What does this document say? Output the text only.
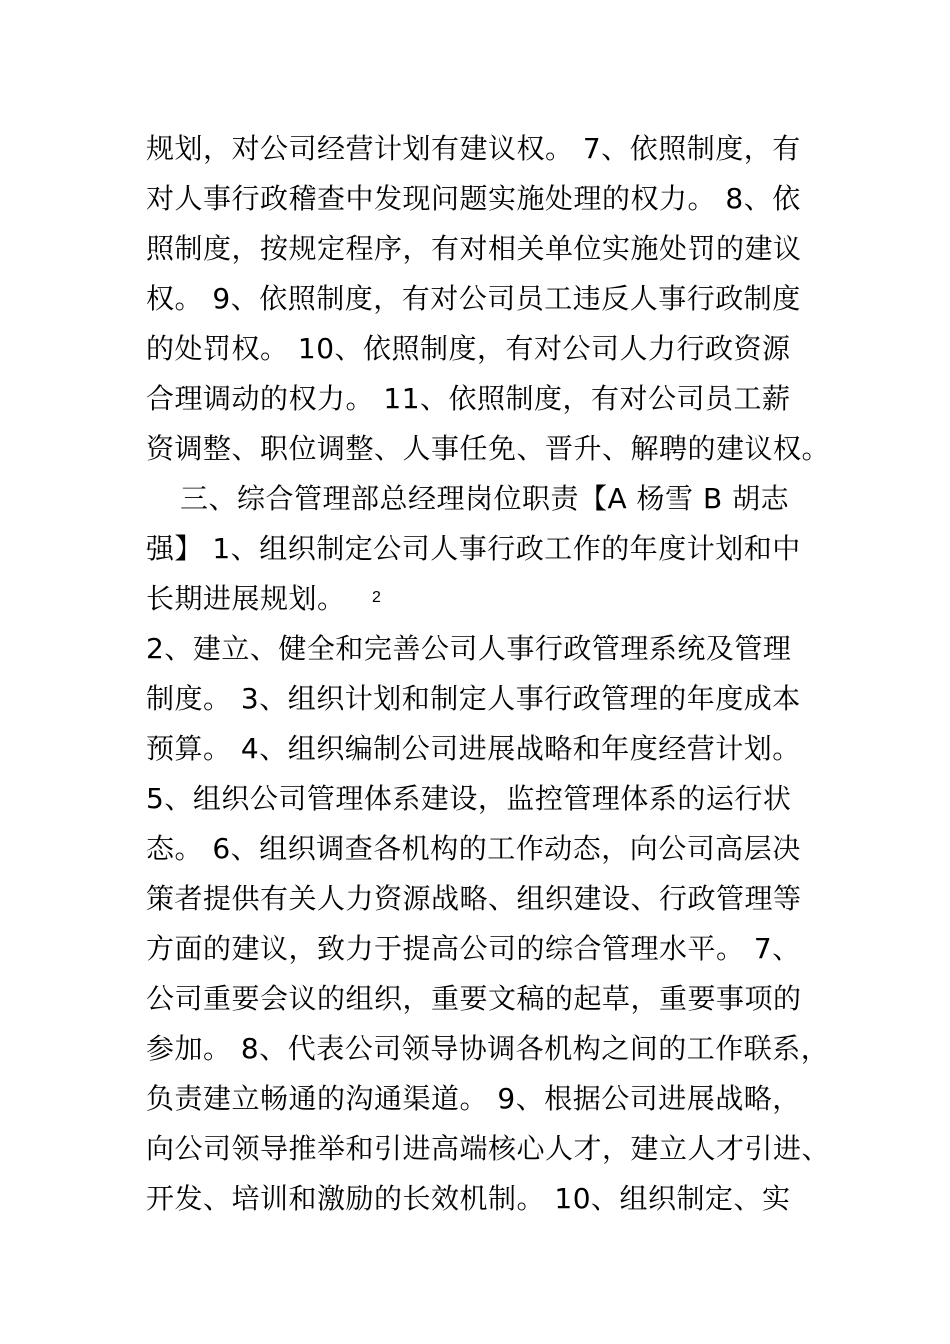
规划，对公司经营计划有建议权。 7、依照制度，有
对人事行政稽查中发现问题实施处理的权力。 8、依
照制度，按规定程序，有对相关单位实施处罚的建议
权。 9、依照制度，有对公司员工违反人事行政制度
的处罚权。 10、依照制度，有对公司人力行政资源
合理调动的权力。 11、依照制度，有对公司员工薪
资调整、职位调整、人事任免、晋升、解聘的建议权。
三、综合管理部总经理岗位职责【A 杨雪 B 胡志
强】 1、组织制定公司人事行政工作的年度计划和中
长期进展规划。 2
2、建立、健全和完善公司人事行政管理系统及管理
制度。 3、组织计划和制定人事行政管理的年度成本
预算。 4、组织编制公司进展战略和年度经营计划。
5、组织公司管理体系建设，监控管理体系的运行状
态。 6、组织调查各机构的工作动态，向公司高层决
策者提供有关人力资源战略、组织建设、行政管理等
方面的建议，致力于提高公司的综合管理水平。 7、
公司重要会议的组织，重要文稿的起草，重要事项的
参加。 8、代表公司领导协调各机构之间的工作联系，
负责建立畅通的沟通渠道。 9、根据公司进展战略，
向公司领导推举和引进高端核心人才，建立人才引进、
开发、培训和激励的长效机制。 10、组织制定、实
